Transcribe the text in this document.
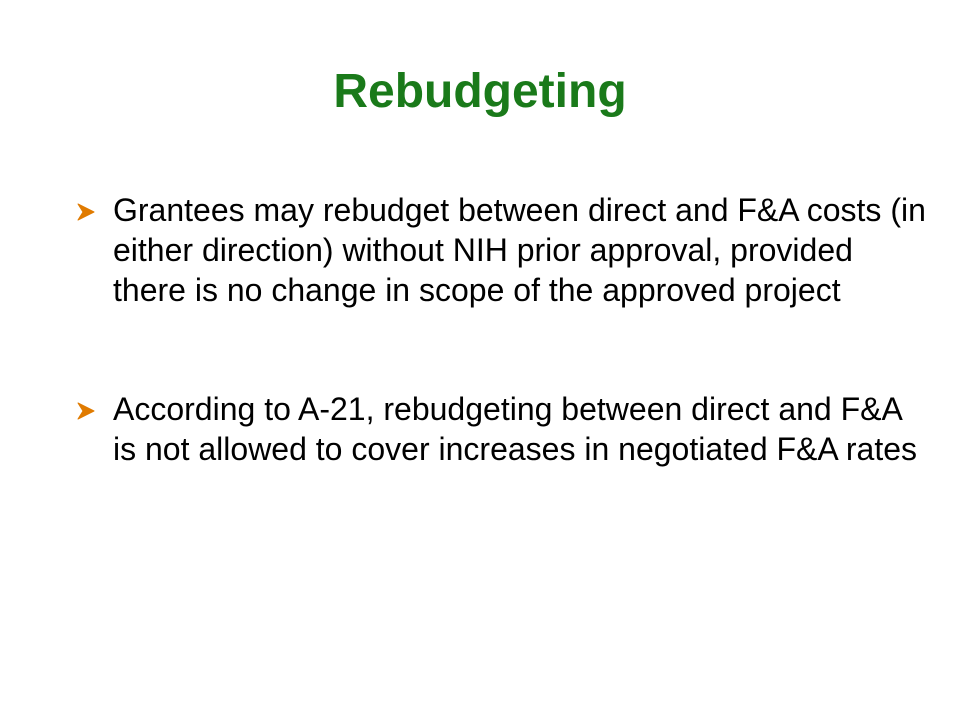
Rebudgeting
Grantees may rebudget between direct and F&A costs (in either direction) without NIH prior approval, provided there is no change in scope of the approved project
According to A-21, rebudgeting between direct and F&A is not allowed to cover increases in negotiated F&A rates
